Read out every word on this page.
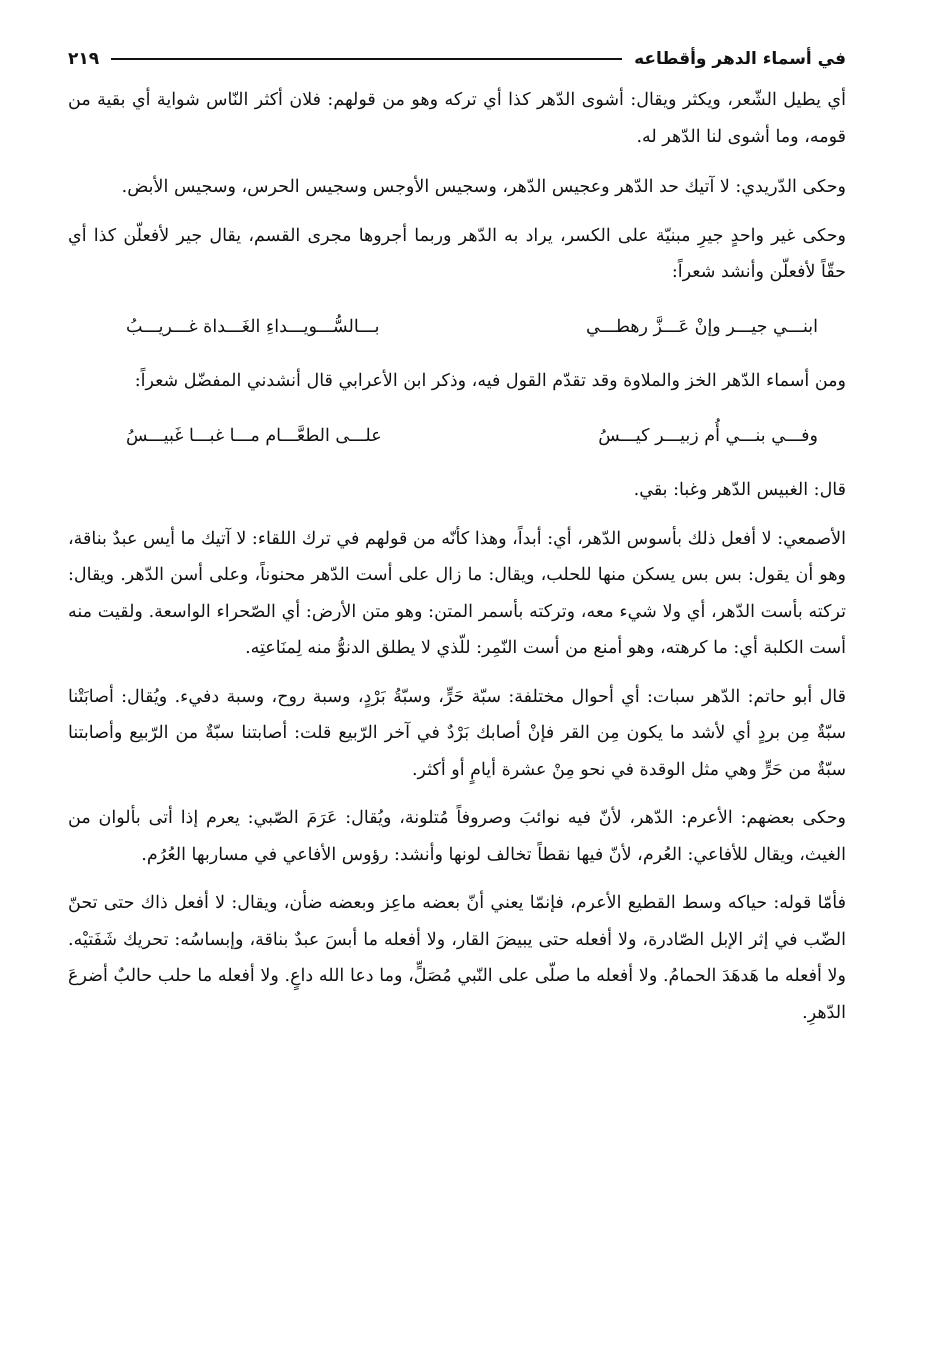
في أسماء الدهر وأقطاعه
٢١٩

أي يطيل الشّعر، ويكثر ويقال: أشوى الدّهر كذا أي تركه وهو من قولهم: فلان أكثر النّاس شواية أي بقية من قومه، وما أشوى لنا الدّهر له.

وحكى الدّريدي: لا آتيك حد الدّهر وعجيس الدّهر، وسجيس الأوجس وسجيس الحرس، وسجيس الأبض.

وحكى غير واحدٍ جيرِ مبنيّة على الكسر، يراد به الدّهر وربما أجروها مجرى القسم، يقال جير لأفعلّن كذا أي حقّاً لأفعلّن وأنشد شعراً:

ابنـــي جيـــر وإنْ عَـــزَّ رهطـــي
بـــالسُّـــويـــداءِ الغَـــداة غـــريـــبُ

ومن أسماء الدّهر الخز والملاوة وقد تقدّم القول فيه، وذكر ابن الأعرابي قال أنشدني المفضّل شعراً:

وفـــي بنـــي أُم زبيـــر كيـــسُ
علـــى الطعَّـــام مـــا غبـــا غَبيـــسُ

قال: الغبيس الدّهر وغبا: بقي.

الأصمعي: لا أفعل ذلك بأسوس الدّهر، أي: أبداً، وهذا كأنّه من قولهم في ترك اللقاء: لا آتيك ما أيس عبدٌ بناقة، وهو أن يقول: بس بس يسكن منها للحلب، ويقال: ما زال على أست الدّهر محنوناً، وعلى أسن الدّهر. ويقال: تركته بأست الدّهر، أي ولا شيء معه، وتركته بأسمر المتن: وهو متن الأرض: أي الصّحراء الواسعة. ولقيت منه أست الكلبة أي: ما كرهته، وهو أمنع من أست النّمِر: للّذي لا يطلق الدنوُّ منه لِمنَاعتِه.

قال أبو حاتم: الدّهر سبات: أي أحوال مختلفة: سبّة حَرٍّ، وسبّةُ بَرْدٍ، وسبة روح، وسبة دفيء. ويُقال: أصابَتْنا سبّةٌ مِن بردٍ أي لأشد ما يكون مِن القر فإنْ أصابك بَرْدٌ في آخر الرّبيع قلت: أصابتنا سبّةٌ من الرّبيع وأصابتنا سبّةٌ من حَرٍّ وهي مثل الوقدة في نحو مِنْ عشرة أيامٍ أو أكثر.

وحكى بعضهم: الأعرم: الدّهر، لأنّ فيه نوائبَ وصروفاً مُتلونة، ويُقال: عَرَمَ الصّبي: يعرم إذا أتى بألوان من الغيث، ويقال للأفاعي: العُرم، لأنّ فيها نقطاً تخالف لونها وأنشد: رؤوس الأفاعي في مساربها العُرُم.

فأمّا قوله: حياكه وسط القطيع الأعرم، فإنمّا يعني أنّ بعضه ماعِز وبعضه ضأن، ويقال: لا أفعل ذاك حتى تحنّ الضّب في إثر الإبل الصّادرة، ولا أفعله حتى يبيضَ القار، ولا أفعله ما أبسَ عبدٌ بناقة، وإبساسُه: تحريك شَفَتيْه. ولا أفعله ما هَدهَدَ الحمامُ. ولا أفعله ما صلّى على النّبي مُصَلٍّ، وما دعا الله داعٍ. ولا أفعله ما حلب حالبٌ أضرعَ الدّهرِ.
